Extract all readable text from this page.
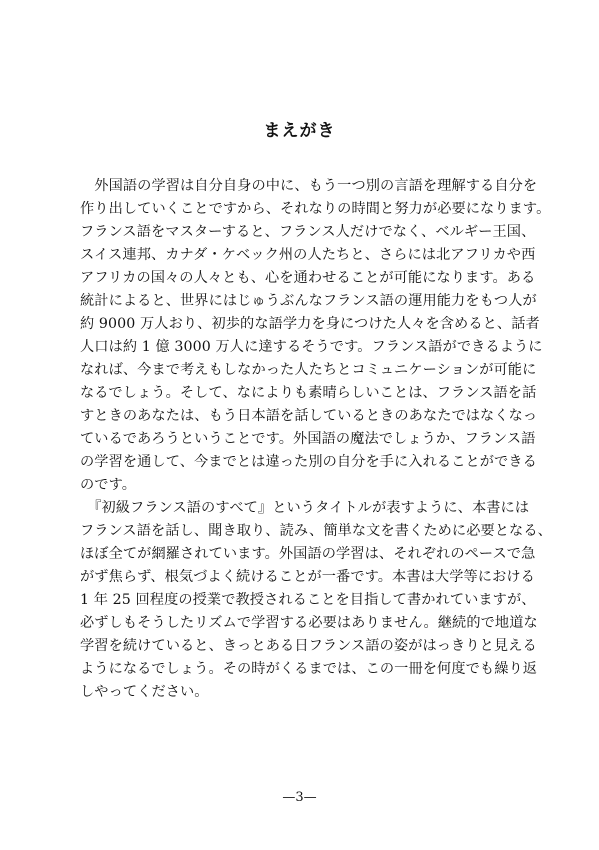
まえがき
　外国語の学習は自分自身の中に、もう一つ別の言語を理解する自分を
作り出していくことですから、それなりの時間と努力が必要になります。
フランス語をマスターすると、フランス人だけでなく、ベルギー王国、
スイス連邦、カナダ・ケベック州の人たちと、さらには北アフリカや西
アフリカの国々の人々とも、心を通わせることが可能になります。ある
統計によると、世界にはじゅうぶんなフランス語の運用能力をもつ人が
約 9000 万人おり、初歩的な語学力を身につけた人々を含めると、話者
人口は約 1 億 3000 万人に達するそうです。フランス語ができるように
なれば、今まで考えもしなかった人たちとコミュニケーションが可能に
なるでしょう。そして、なによりも素晴らしいことは、フランス語を話
すときのあなたは、もう日本語を話しているときのあなたではなくなっ
ているであろうということです。外国語の魔法でしょうか、フランス語
の学習を通して、今までとは違った別の自分を手に入れることができる
のです。
　『初級フランス語のすべて』というタイトルが表すように、本書には
フランス語を話し、聞き取り、読み、簡単な文を書くために必要となる、
ほぼ全てが網羅されています。外国語の学習は、それぞれのペースで急
がず焦らず、根気づよく続けることが一番です。本書は大学等における
1 年 25 回程度の授業で教授されることを目指して書かれていますが、
必ずしもそうしたリズムで学習する必要はありません。継続的で地道な
学習を続けていると、きっとある日フランス語の姿がはっきりと見える
ようになるでしょう。その時がくるまでは、この一冊を何度でも繰り返
しやってください。
—3—
